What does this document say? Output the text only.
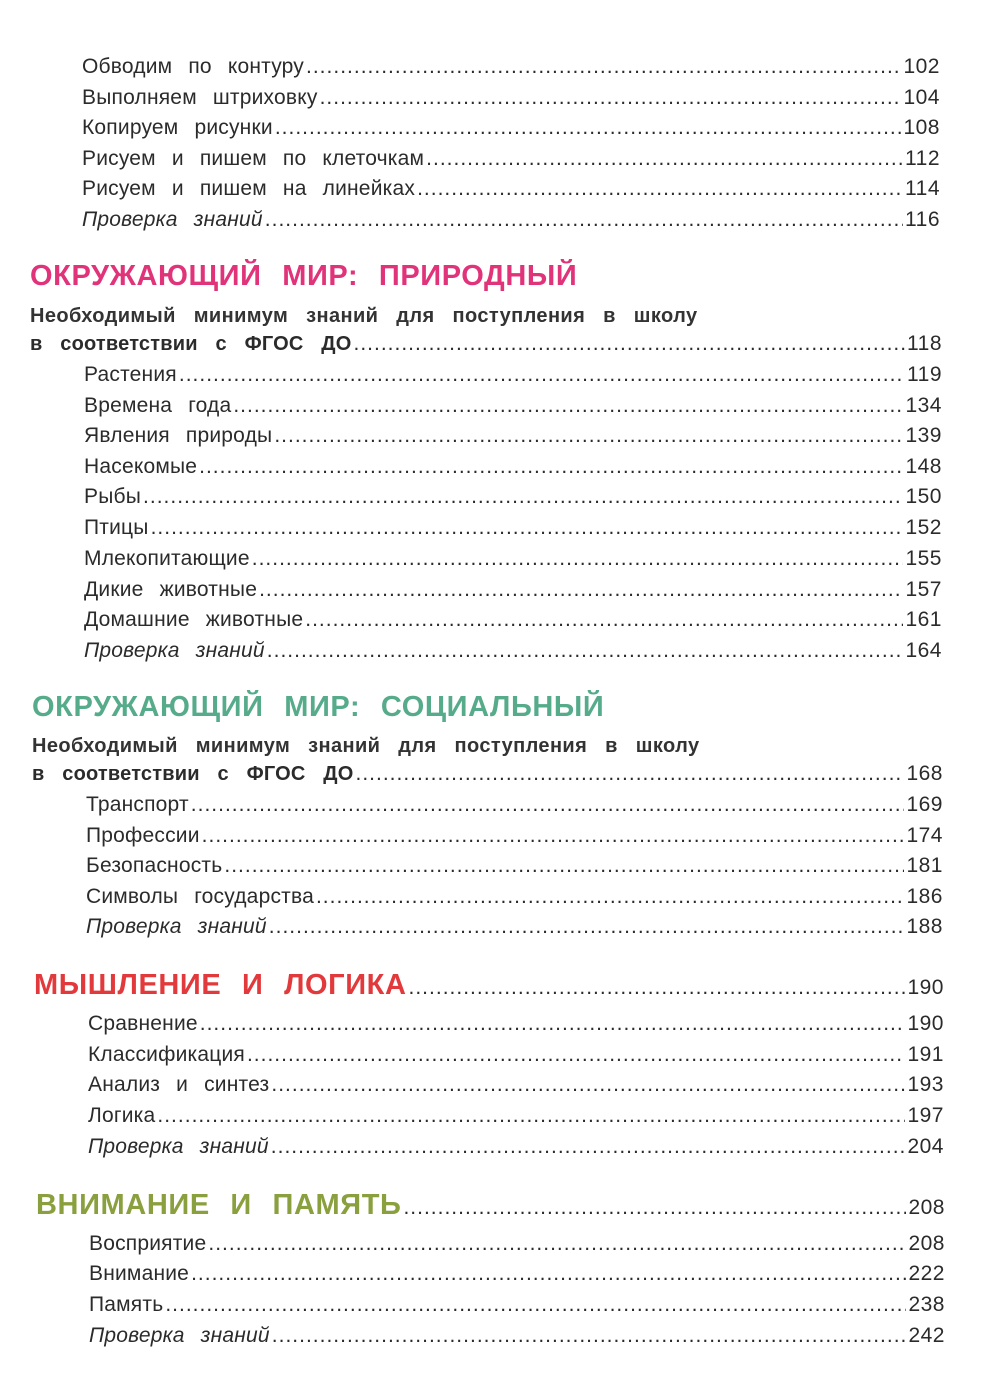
Обводим по контуру .....	102
Выполняем штриховку .....	104
Копируем рисунки .....	108
Рисуем и пишем по клеточкам .....	112
Рисуем и пишем на линейках .....	114
Проверка знаний .....	116
ОКРУЖАЮЩИЙ МИР: ПРИРОДНЫЙ
Необходимый минимум знаний для поступления в школу
в соответствии с ФГОС ДО .....	118
Растения .....	119
Времена года .....	134
Явления природы .....	139
Насекомые .....	148
Рыбы .....	150
Птицы .....	152
Млекопитающие .....	155
Дикие животные .....	157
Домашние животные .....	161
Проверка знаний .....	164
ОКРУЖАЮЩИЙ МИР: СОЦИАЛЬНЫЙ
Необходимый минимум знаний для поступления в школу
в соответствии с ФГОС ДО .....	168
Транспорт .....	169
Профессии .....	174
Безопасность .....	181
Символы государства .....	186
Проверка знаний .....	188
МЫШЛЕНИЕ И ЛОГИКА .....	190
Сравнение .....	190
Классификация .....	191
Анализ и синтез .....	193
Логика .....	197
Проверка знаний .....	204
ВНИМАНИЕ И ПАМЯТЬ .....	208
Восприятие .....	208
Внимание .....	222
Память .....	238
Проверка знаний .....	242
